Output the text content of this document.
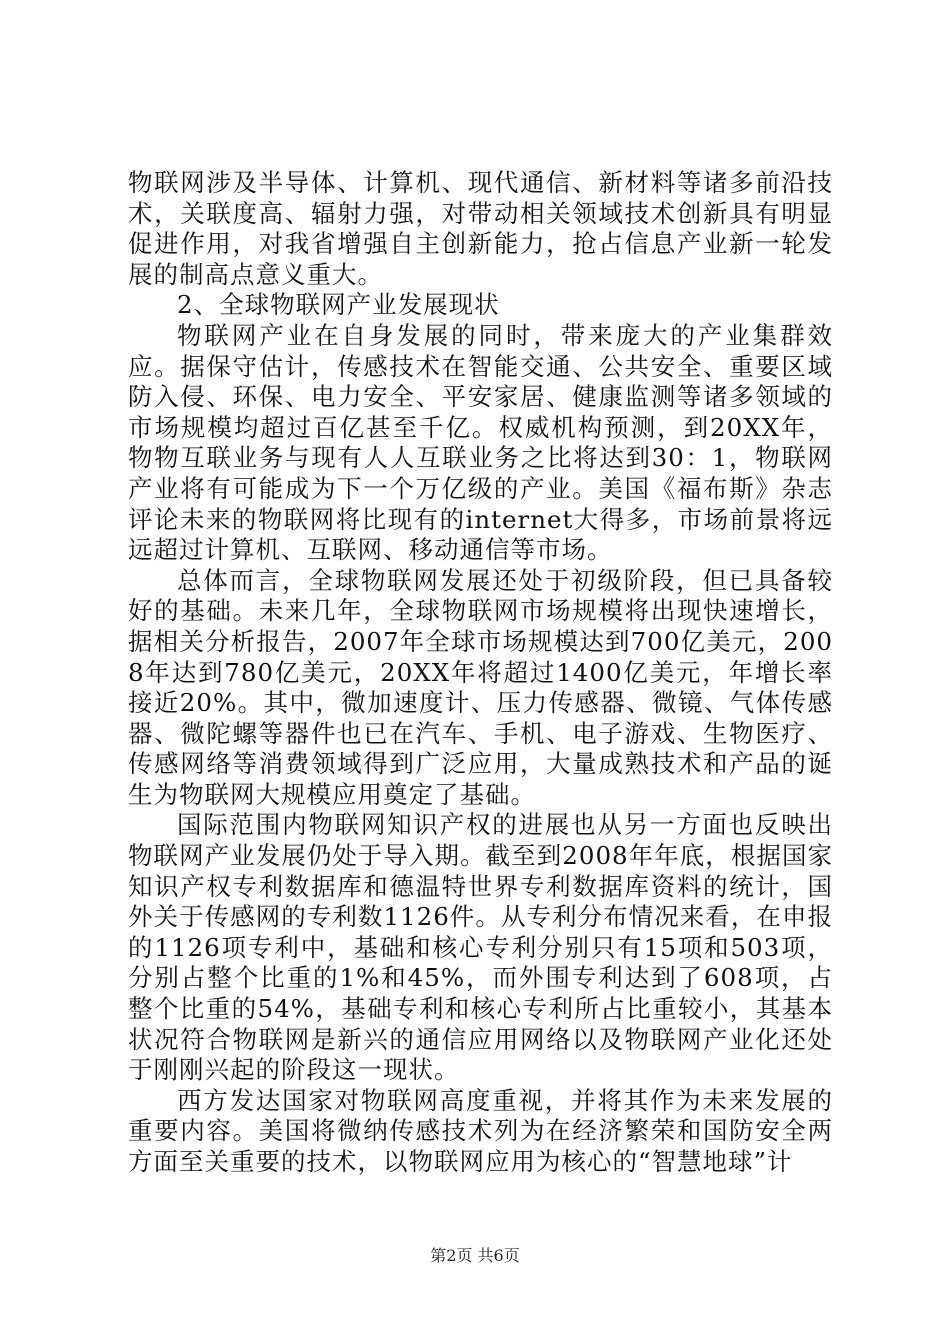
物联网涉及半导体、计算机、现代通信、新材料等诸多前沿技术，关联度高、辐射力强，对带动相关领域技术创新具有明显促进作用，对我省增强自主创新能力，抢占信息产业新一轮发展的制高点意义重大。

2、全球物联网产业发展现状

物联网产业在自身发展的同时，带来庞大的产业集群效应。据保守估计，传感技术在智能交通、公共安全、重要区域防入侵、环保、电力安全、平安家居、健康监测等诸多领域的市场规模均超过百亿甚至千亿。权威机构预测，到20XX年，物物互联业务与现有人人互联业务之比将达到30：1，物联网产业将有可能成为下一个万亿级的产业。美国《福布斯》杂志评论未来的物联网将比现有的internet大得多，市场前景将远远超过计算机、互联网、移动通信等市场。

总体而言，全球物联网发展还处于初级阶段，但已具备较好的基础。未来几年，全球物联网市场规模将出现快速增长，据相关分析报告，2007年全球市场规模达到700亿美元，2008年达到780亿美元，20XX年将超过1400亿美元，年增长率接近20%。其中，微加速度计、压力传感器、微镜、气体传感器、微陀螺等器件也已在汽车、手机、电子游戏、生物医疗、传感网络等消费领域得到广泛应用，大量成熟技术和产品的诞生为物联网大规模应用奠定了基础。

国际范围内物联网知识产权的进展也从另一方面也反映出物联网产业发展仍处于导入期。截至到2008年年底，根据国家知识产权专利数据库和德温特世界专利数据库资料的统计，国外关于传感网的专利数1126件。从专利分布情况来看，在申报的1126项专利中，基础和核心专利分别只有15项和503项，分别占整个比重的1%和45%，而外围专利达到了608项，占整个比重的54%，基础专利和核心专利所占比重较小，其基本状况符合物联网是新兴的通信应用网络以及物联网产业化还处于刚刚兴起的阶段这一现状。

西方发达国家对物联网高度重视，并将其作为未来发展的重要内容。美国将微纳传感技术列为在经济繁荣和国防安全两方面至关重要的技术，以物联网应用为核心的“智慧地球”计

第2页 共6页
